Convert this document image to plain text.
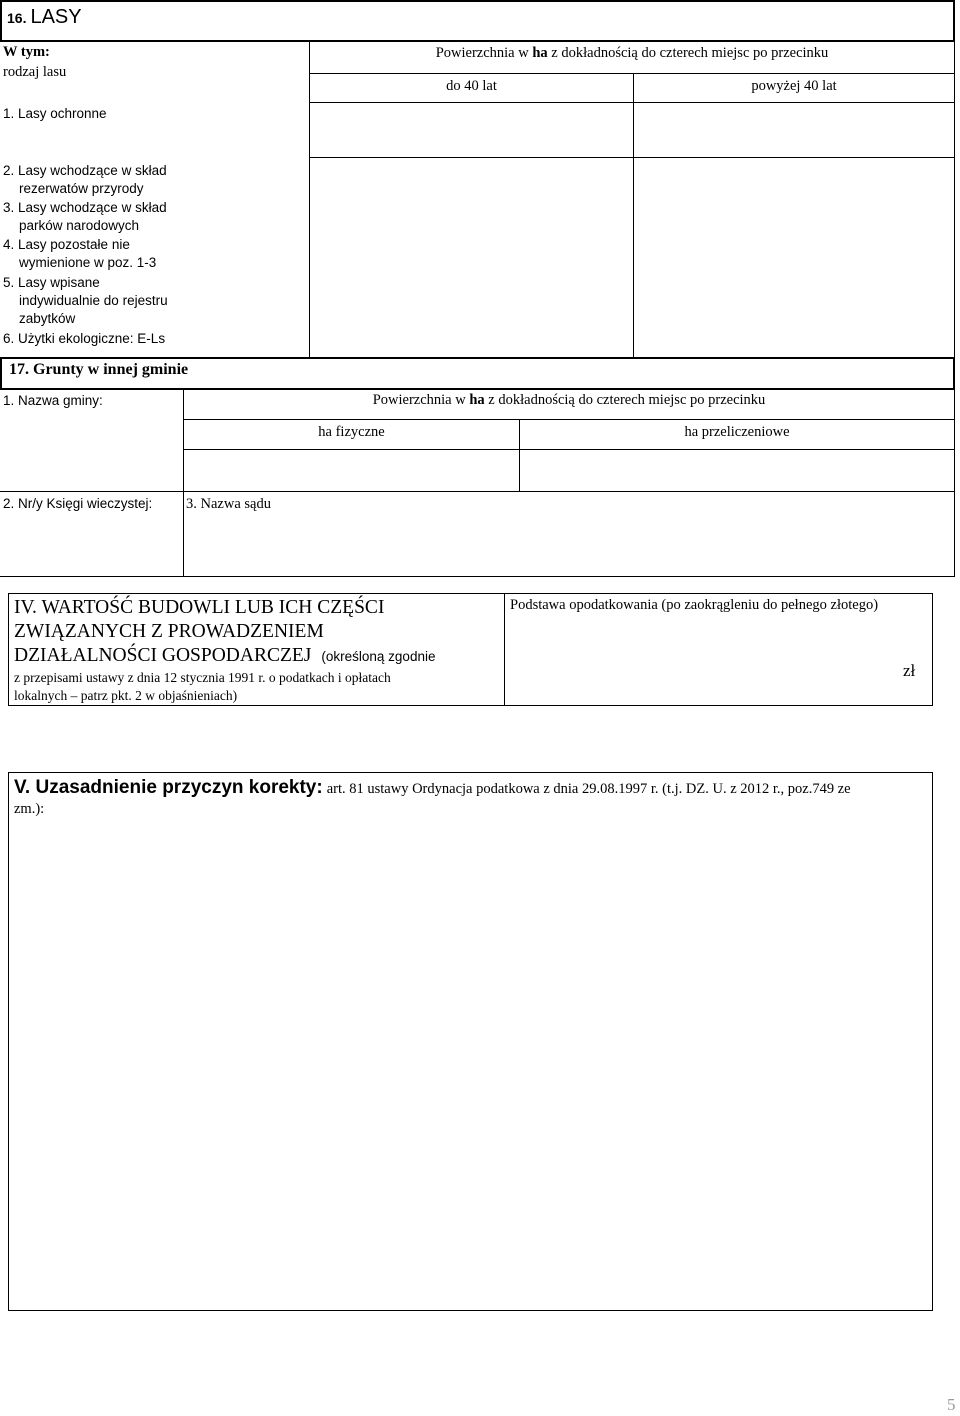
16. LASY
W tym:
rodzaj lasu
Powierzchnia w ha z dokładnością do czterech miejsc po przecinku
do 40 lat	powyżej 40 lat
1. Lasy ochronne
2. Lasy wchodzące w skład
rezerwatów przyrody
3. Lasy wchodzące w skład
parków narodowych
4. Lasy pozostałe nie
wymienione w poz. 1-3
5. Lasy wpisane
indywidualnie do rejestru
zabytków
6. Użytki ekologiczne: E-Ls
17. Grunty w innej gminie
1. Nazwa gminy:	Powierzchnia w ha z dokładnością do czterech miejsc po przecinku
ha fizyczne	ha przeliczeniowe
2. Nr/y Księgi wieczystej: 3. Nazwa sądu
IV. WARTOŚĆ BUDOWLI LUB ICH CZĘŚCI
ZWIĄZANYCH Z PROWADZENIEM
DZIAŁALNOŚCI GOSPODARCZEJ (określoną zgodnie
z przepisami ustawy z dnia 12 stycznia 1991 r. o podatkach i opłatach
lokalnych – patrz pkt. 2 w objaśnieniach)
Podstawa opodatkowania (po zaokrągleniu do pełnego złotego)
zł
V. Uzasadnienie przyczyn korekty: art. 81 ustawy Ordynacja podatkowa z dnia 29.08.1997 r. (t.j. DZ. U. z 2012 r., poz.749 ze
zm.):
5
